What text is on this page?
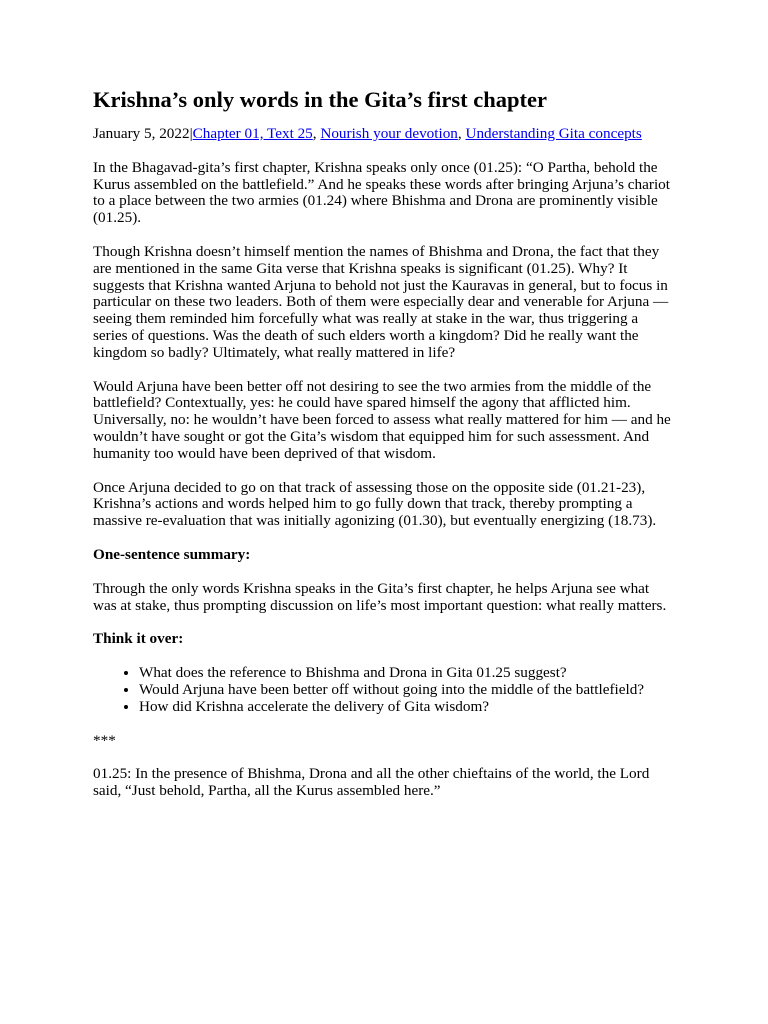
Krishna’s only words in the Gita’s first chapter

January 5, 2022|Chapter 01, Text 25, Nourish your devotion, Understanding Gita concepts

In the Bhagavad-gita’s first chapter, Krishna speaks only once (01.25): “O Partha, behold the Kurus assembled on the battlefield.” And he speaks these words after bringing Arjuna’s chariot to a place between the two armies (01.24) where Bhishma and Drona are prominently visible (01.25).

Though Krishna doesn’t himself mention the names of Bhishma and Drona, the fact that they are mentioned in the same Gita verse that Krishna speaks is significant (01.25). Why? It suggests that Krishna wanted Arjuna to behold not just the Kauravas in general, but to focus in particular on these two leaders. Both of them were especially dear and venerable for Arjuna — seeing them reminded him forcefully what was really at stake in the war, thus triggering a series of questions. Was the death of such elders worth a kingdom? Did he really want the kingdom so badly? Ultimately, what really mattered in life?

Would Arjuna have been better off not desiring to see the two armies from the middle of the battlefield? Contextually, yes: he could have spared himself the agony that afflicted him. Universally, no: he wouldn’t have been forced to assess what really mattered for him — and he wouldn’t have sought or got the Gita’s wisdom that equipped him for such assessment. And humanity too would have been deprived of that wisdom.

Once Arjuna decided to go on that track of assessing those on the opposite side (01.21-23), Krishna’s actions and words helped him to go fully down that track, thereby prompting a massive re-evaluation that was initially agonizing (01.30), but eventually energizing (18.73).

One-sentence summary:

Through the only words Krishna speaks in the Gita’s first chapter, he helps Arjuna see what was at stake, thus prompting discussion on life’s most important question: what really matters.

Think it over:

• What does the reference to Bhishma and Drona in Gita 01.25 suggest?
• Would Arjuna have been better off without going into the middle of the battlefield?
• How did Krishna accelerate the delivery of Gita wisdom?

***

01.25: In the presence of Bhishma, Drona and all the other chieftains of the world, the Lord said, “Just behold, Partha, all the Kurus assembled here.”
